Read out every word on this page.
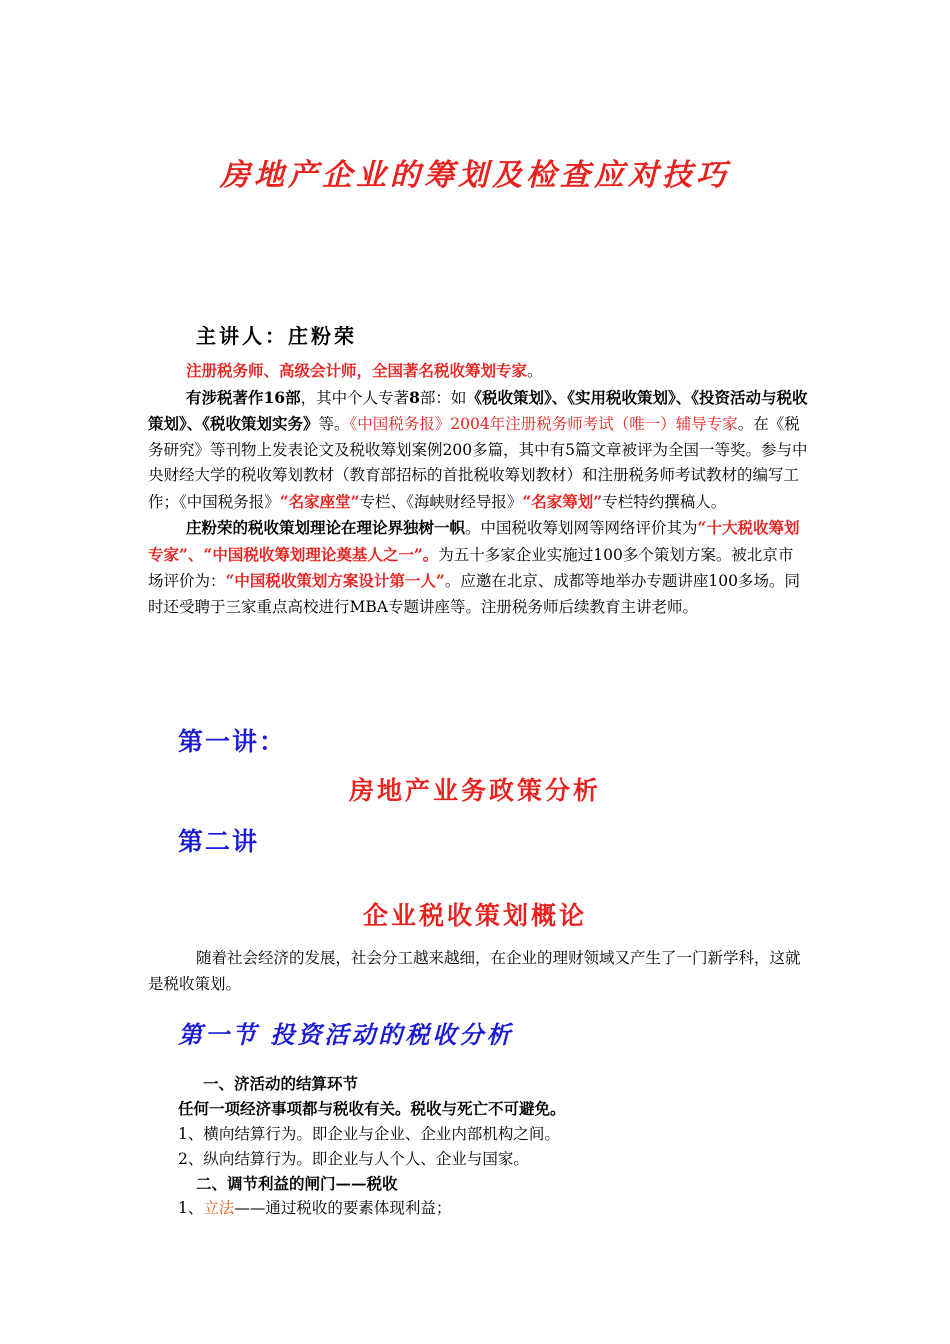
房地产企业的筹划及检查应对技巧
主讲人：庄粉荣
注册税务师、高级会计师，全国著名税收筹划专家。
有涉税著作16部，其中个人专著8部：如《税收策划》、《实用税收策划》、《投资活动与税收策划》、《税收策划实务》等。《中国税务报》2004年注册税务师考试（唯一）辅导专家。在《税务研究》等刊物上发表论文及税收筹划案例200多篇，其中有5篇文章被评为全国一等奖。参与中央财经大学的税收筹划教材（教育部招标的首批税收筹划教材）和注册税务师考试教材的编写工作；《中国税务报》“名家座堂”专栏、《海峡财经导报》“名家筹划”专栏特约撰稿人。
庄粉荣的税收策划理论在理论界独树一帜。中国税收筹划网等网络评价其为“十大税收筹划专家”、“中国税收筹划理论奠基人之一”。为五十多家企业实施过100多个策划方案。被北京市场评价为：“中国税收策划方案设计第一人”。应邀在北京、成都等地举办专题讲座100多场。同时还受聘于三家重点高校进行MBA专题讲座等。注册税务师后续教育主讲老师。
第一讲：
房地产业务政策分析
第二讲
企业税收策划概论
随着社会经济的发展，社会分工越来越细，在企业的理财领域又产生了一门新学科，这就是税收策划。
第一节 投资活动的税收分析
一、济活动的结算环节
任何一项经济事项都与税收有关。税收与死亡不可避免。
1、横向结算行为。即企业与企业、企业内部机构之间。
2、纵向结算行为。即企业与人个人、企业与国家。
二、调节利益的闸门——税收
1、立法——通过税收的要素体现利益；
